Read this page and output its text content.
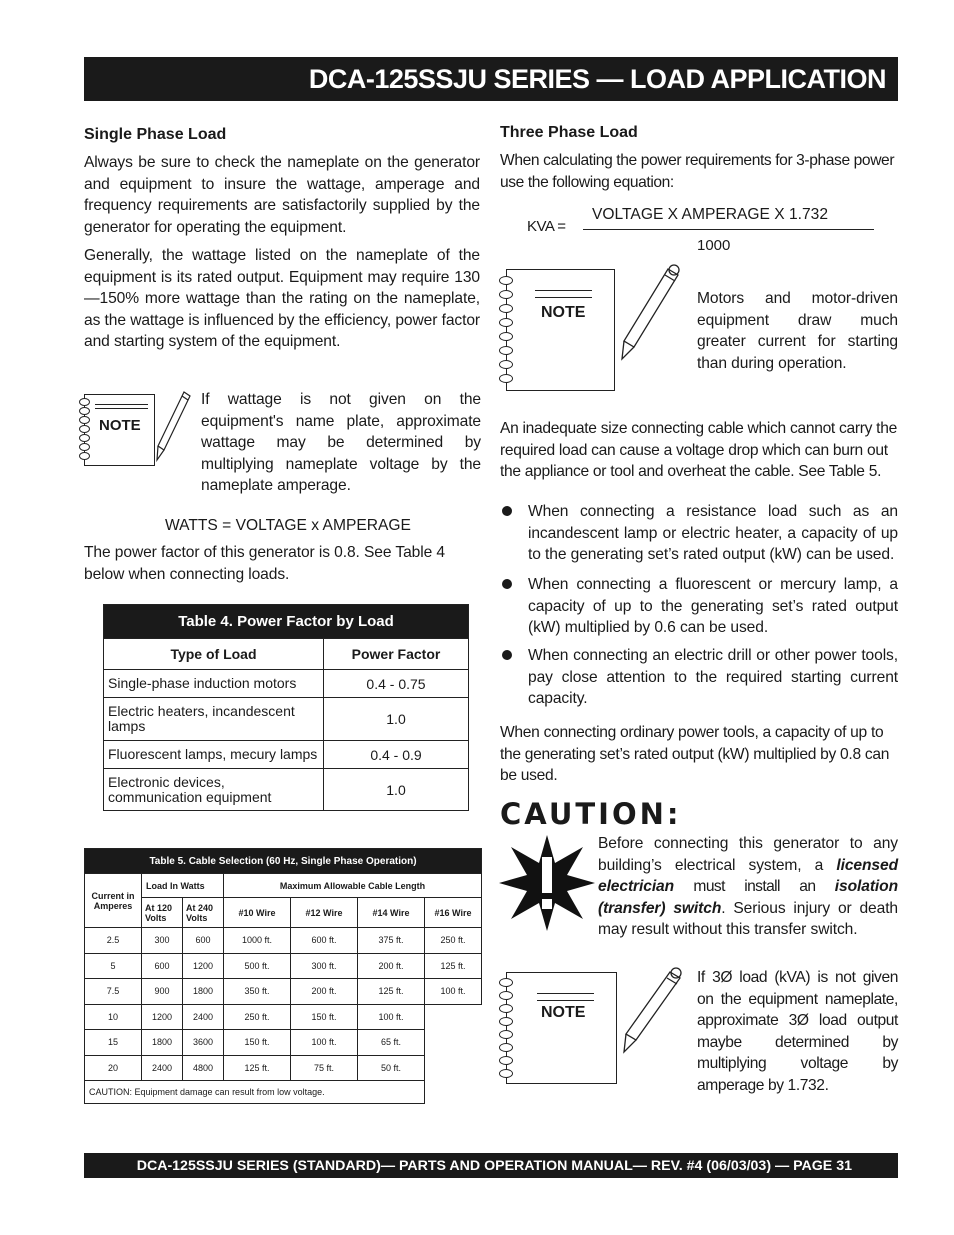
DCA-125SSJU SERIES — LOAD APPLICATION
Single Phase Load

Always be sure to check the nameplate on the generator and equipment to insure the wattage, amperage and frequency requirements are satisfactorily supplied by the generator for operating the equipment.

Generally, the wattage listed on the nameplate of the equipment is its rated output. Equipment may require 130—150% more wattage than the rating on the nameplate, as the wattage is influenced by the efficiency, power factor and starting system of the equipment.

NOTE

If wattage is not given on the equipment's name plate, approximate wattage may be determined by multiplying nameplate voltage by the nameplate amperage.

WATTS = VOLTAGE x AMPERAGE

The power factor of this generator is 0.8. See Table 4 below when connecting loads.

Table 4. Power Factor by Load	
Type of Load	Power Factor
Single-phase induction motors	0.4 - 0.75
Electric heaters, incandescent lamps	1.0
Fluorescent lamps, mecury lamps	0.4 - 0.9
Electronic devices, communication equipment	1.0
Table 5. Cable Selection (60 Hz, Single Phase Operation)						
Current in Amperes	Load In Watts		Maximum Allowable Cable Length			
	At 120 Volts	At 240 Volts	#10 Wire	#12 Wire	#14 Wire	#16 Wire
2.5	300	600	1000 ft.	600 ft.	375 ft.	250 ft.
5	600	1200	500 ft.	300 ft.	200 ft.	125 ft.
7.5	900	1800	350 ft.	200 ft.	125 ft.	100 ft.
10	1200	2400	250 ft.	150 ft.	100 ft.	
15	1800	3600	150 ft.	100 ft.	65 ft.	
20	2400	4800	125 ft.	75 ft.	50 ft.	
CAUTION: Equipment damage can result from low voltage.						
Three Phase Load

When calculating the power requirements for 3-phase power use the following equation:

KVA =
VOLTAGE X AMPERAGE X 1.732
1000
NOTE

Motors and motor-driven equipment draw much greater current for starting than during operation.

An inadequate size connecting cable which cannot carry the required load can cause a voltage drop which can burn out the appliance or tool and overheat the cable. See Table 5.

When connecting a resistance load such as an incandescent lamp or electric heater, a capacity of up to the generating set’s rated output (kW) can be used.

When connecting a fluorescent or mercury lamp, a capacity of up to the generating set’s rated output (kW) multiplied by 0.6 can be used.

When connecting an electric drill or other power tools, pay close attention to the required starting current capacity.

When connecting ordinary power tools, a capacity of up to the generating set’s rated output (kW) multiplied by 0.8 can be used.

CAUTION:

Before connecting this generator to any building’s electrical system, a licensed electrician must install an isolation (transfer) switch. Serious injury or death may result without this transfer switch.

NOTE

If 3Ø load (kVA) is not given on the equipment nameplate, approximate 3Ø load output maybe determined by multiplying voltage by amperage by 1.732.

DCA-125SSJU SERIES (STANDARD)— PARTS AND OPERATION MANUAL— REV. #4 (06/03/03) — PAGE 31
